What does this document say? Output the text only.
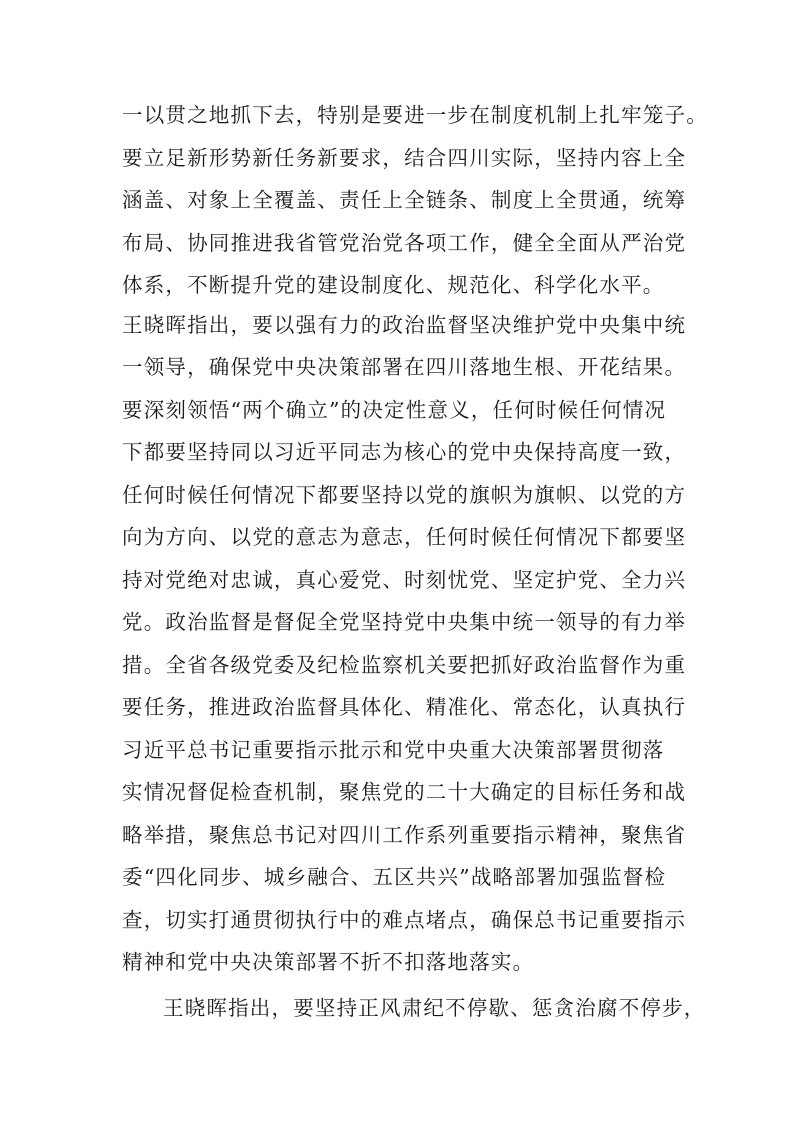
一以贯之地抓下去，特别是要进一步在制度机制上扎牢笼子。
要立足新形势新任务新要求，结合四川实际，坚持内容上全
涵盖、对象上全覆盖、责任上全链条、制度上全贯通，统筹
布局、协同推进我省管党治党各项工作，健全全面从严治党
体系，不断提升党的建设制度化、规范化、科学化水平。
王晓晖指出，要以强有力的政治监督坚决维护党中央集中统
一领导，确保党中央决策部署在四川落地生根、开花结果。
要深刻领悟“两个确立”的决定性意义，任何时候任何情况
下都要坚持同以习近平同志为核心的党中央保持高度一致，
任何时候任何情况下都要坚持以党的旗帜为旗帜、以党的方
向为方向、以党的意志为意志，任何时候任何情况下都要坚
持对党绝对忠诚，真心爱党、时刻忧党、坚定护党、全力兴
党。政治监督是督促全党坚持党中央集中统一领导的有力举
措。全省各级党委及纪检监察机关要把抓好政治监督作为重
要任务，推进政治监督具体化、精准化、常态化，认真执行
习近平总书记重要指示批示和党中央重大决策部署贯彻落
实情况督促检查机制，聚焦党的二十大确定的目标任务和战
略举措，聚焦总书记对四川工作系列重要指示精神，聚焦省
委“四化同步、城乡融合、五区共兴”战略部署加强监督检
查，切实打通贯彻执行中的难点堵点，确保总书记重要指示
精神和党中央决策部署不折不扣落地落实。
王晓晖指出，要坚持正风肃纪不停歇、惩贪治腐不停步，
